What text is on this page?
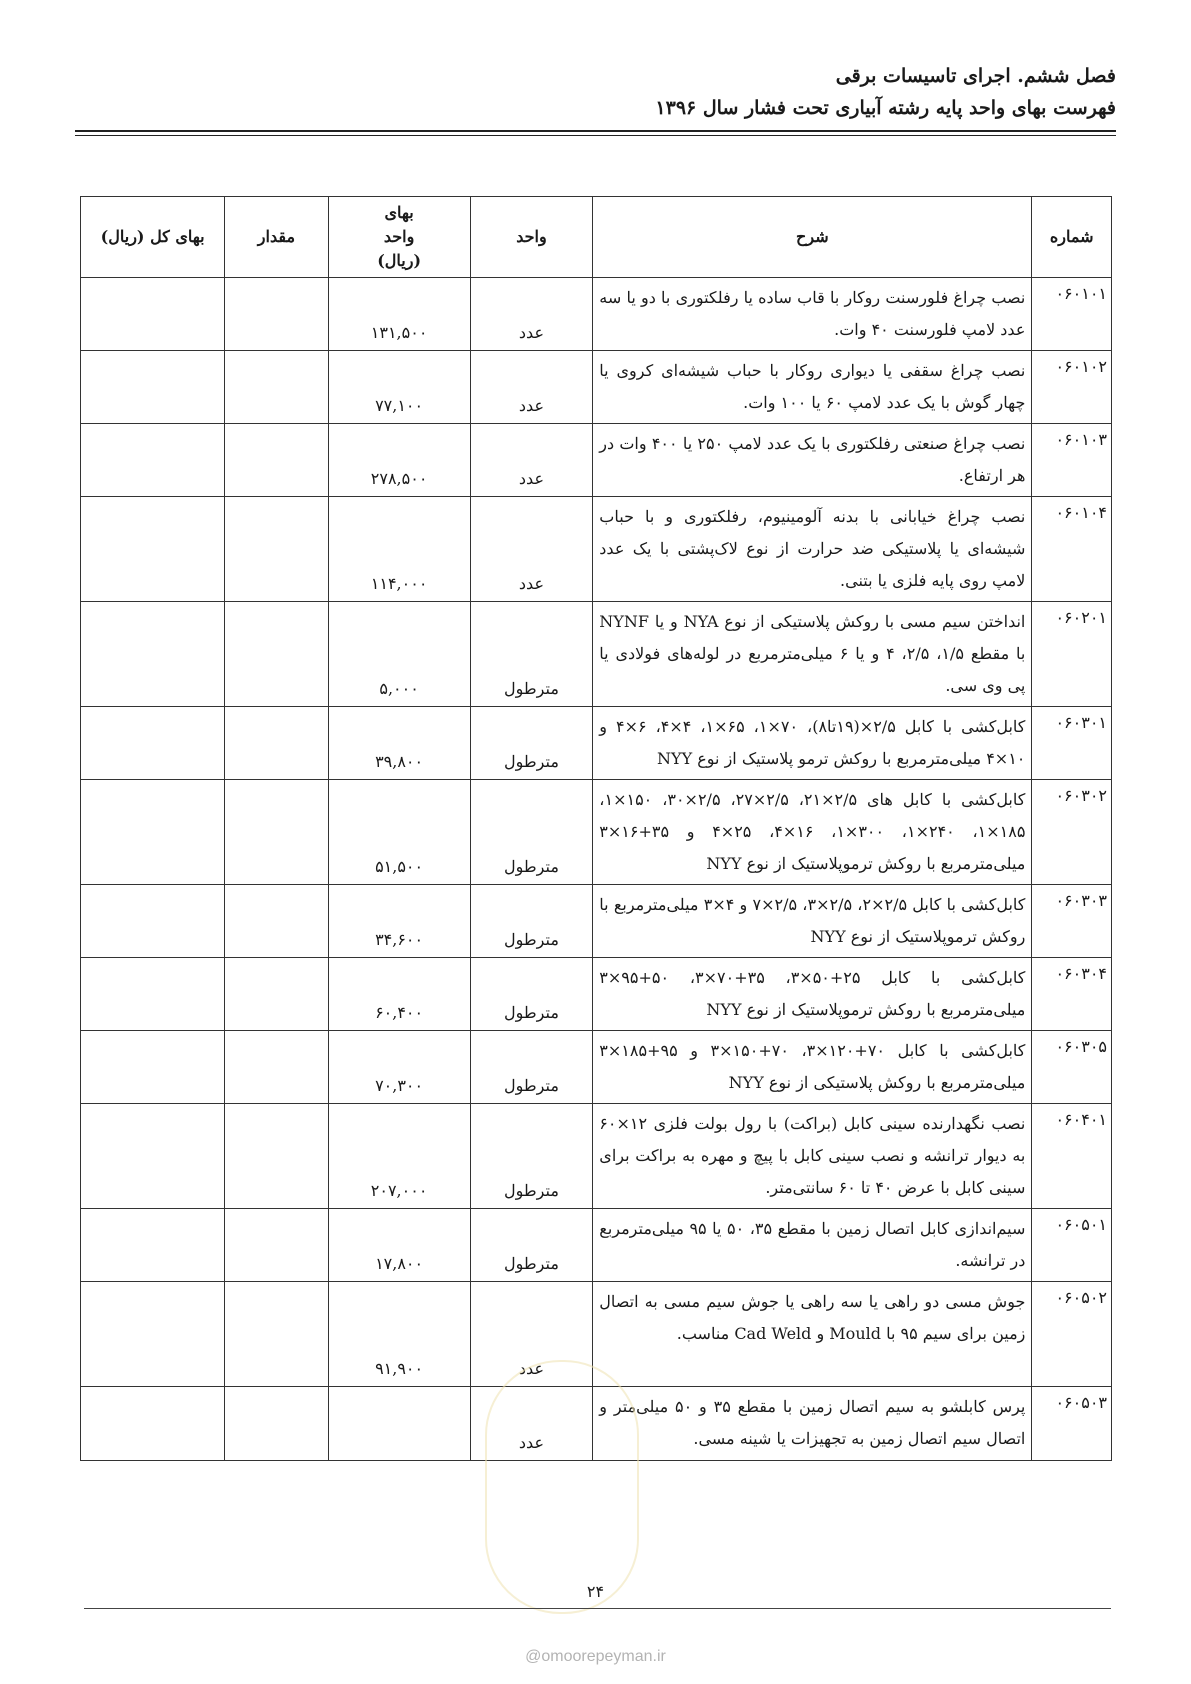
فصل ششم. اجرای تاسیسات برقی
فهرست بهای واحد پایه رشته آبیاری تحت فشار سال ۱۳۹۶
شماره	شرح	واحد	بهای واحد (ریال)	مقدار	بهای کل (ریال)
۰۶۰۱۰۱	نصب چراغ فلورسنت روکار با قاب ساده یا رفلکتوری با دو یا سه عدد لامپ فلورسنت ۴۰ وات.	عدد	۱۳۱,۵۰۰		
۰۶۰۱۰۲	نصب چراغ سقفی یا دیواری روکار با حباب شیشه‌ای کروی یا چهار گوش با یک عدد لامپ ۶۰ یا ۱۰۰ وات.	عدد	۷۷,۱۰۰		
۰۶۰۱۰۳	نصب چراغ صنعتی رفلکتوری با یک عدد لامپ ۲۵۰ یا ۴۰۰ وات در هر ارتفاع.	عدد	۲۷۸,۵۰۰		
۰۶۰۱۰۴	نصب چراغ خیابانی با بدنه آلومینیوم، رفلکتوری و با حباب شیشه‌ای یا پلاستیکی ضد حرارت از نوع لاک‌پشتی با یک عدد لامپ روی پایه فلزی یا بتنی.	عدد	۱۱۴,۰۰۰		
۰۶۰۲۰۱	انداختن سیم مسی با روکش پلاستیکی از نوع NYA و یا NYNF با مقطع ۱/۵، ۲/۵، ۴ و یا ۶ میلی‌مترمربع در لوله‌های فولادی یا پی وی سی.	مترطول	۵,۰۰۰		
۰۶۰۳۰۱	کابل‌کشی با کابل ۲/۵×(۱۹تا۸)، ۷۰×۱، ۶۵×۱، ۴×۴، ۶×۴ و ۱۰×۴ میلی‌مترمربع با روکش ترمو پلاستیک از نوع NYY	مترطول	۳۹,۸۰۰		
۰۶۰۳۰۲	کابل‌کشی با کابل های ۲/۵×۲۱، ۲/۵×۲۷، ۲/۵×۳۰، ۱۵۰×۱، ۱۸۵×۱، ۲۴۰×۱، ۳۰۰×۱، ۱۶×۴، ۲۵×۴ و ۳۵+۱۶×۳ میلی‌مترمربع با روکش ترموپلاستیک از نوع NYY	مترطول	۵۱,۵۰۰		
۰۶۰۳۰۳	کابل‌کشی با کابل ۲/۵×۲، ۲/۵×۳، ۲/۵×۷ و ۴×۳ میلی‌مترمربع با روکش ترموپلاستیک از نوع NYY	مترطول	۳۴,۶۰۰		
۰۶۰۳۰۴	کابل‌کشی با کابل ۲۵+۵۰×۳، ۳۵+۷۰×۳، ۵۰+۹۵×۳ میلی‌مترمربع با روکش ترموپلاستیک از نوع NYY	مترطول	۶۰,۴۰۰		
۰۶۰۳۰۵	کابل‌کشی با کابل ۷۰+۱۲۰×۳، ۷۰+۱۵۰×۳ و ۹۵+۱۸۵×۳ میلی‌مترمربع با روکش پلاستیکی از نوع NYY	مترطول	۷۰,۳۰۰		
۰۶۰۴۰۱	نصب نگهدارنده سینی کابل (براکت) با رول بولت فلزی ۱۲×۶۰ به دیوار ترانشه و نصب سینی کابل با پیچ و مهره به براکت برای سینی کابل با عرض ۴۰ تا ۶۰ سانتی‌متر.	مترطول	۲۰۷,۰۰۰		
۰۶۰۵۰۱	سیم‌اندازی کابل اتصال زمین با مقطع ۳۵، ۵۰ یا ۹۵ میلی‌مترمربع در ترانشه.	مترطول	۱۷,۸۰۰		
۰۶۰۵۰۲	جوش مسی دو راهی یا سه راهی یا جوش سیم مسی به اتصال زمین برای سیم ۹۵ با Mould و Cad Weld مناسب.	عدد	۹۱,۹۰۰		
۰۶۰۵۰۳	پرس کابلشو به سیم اتصال زمین با مقطع ۳۵ و ۵۰ میلی‌متر و اتصال سیم اتصال زمین به تجهیزات یا شینه مسی.	عدد			
۲۴
@omoorepeyman.ir
